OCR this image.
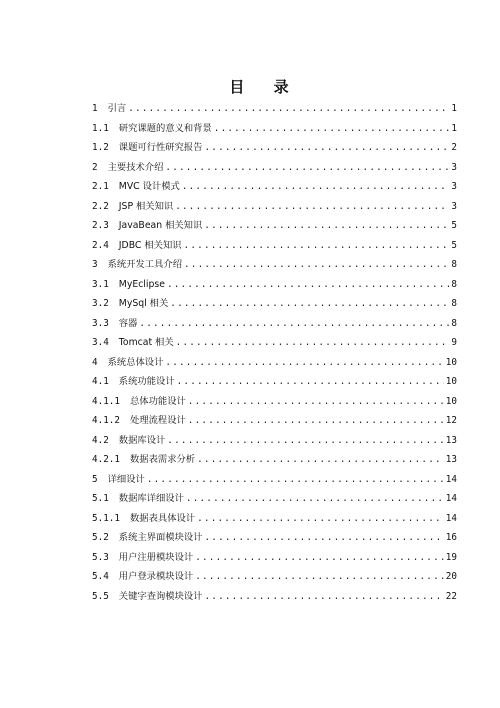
目 录
1 引言 .....	1
1.1 研究课题的意义和背景 .....	1
1.2 课题可行性研究报告 .....	2
2 主要技术介绍 .....	3
2.1 MVC 设计模式 .....	3
2.2 JSP 相关知识 .....	3
2.3 JavaBean 相关知识 .....	5
2.4 JDBC 相关知识 .....	5
3 系统开发工具介绍 .....	8
3.1 MyEclipse .....	8
3.2 MySql 相关 .....	8
3.3 容器 .....	8
3.4 Tomcat 相关 .....	9
4 系统总体设计 .....	10
4.1 系统功能设计 .....	10
4.1.1 总体功能设计 .....	10
4.1.2 处理流程设计 .....	12
4.2 数据库设计 .....	13
4.2.1 数据表需求分析 .....	13
5 详细设计 .....	14
5.1 数据库详细设计 .....	14
5.1.1 数据表具体设计 .....	14
5.2 系统主界面模块设计 .....	16
5.3 用户注册模块设计 .....	19
5.4 用户登录模块设计 .....	20
5.5 关键字查询模块设计 .....	22
